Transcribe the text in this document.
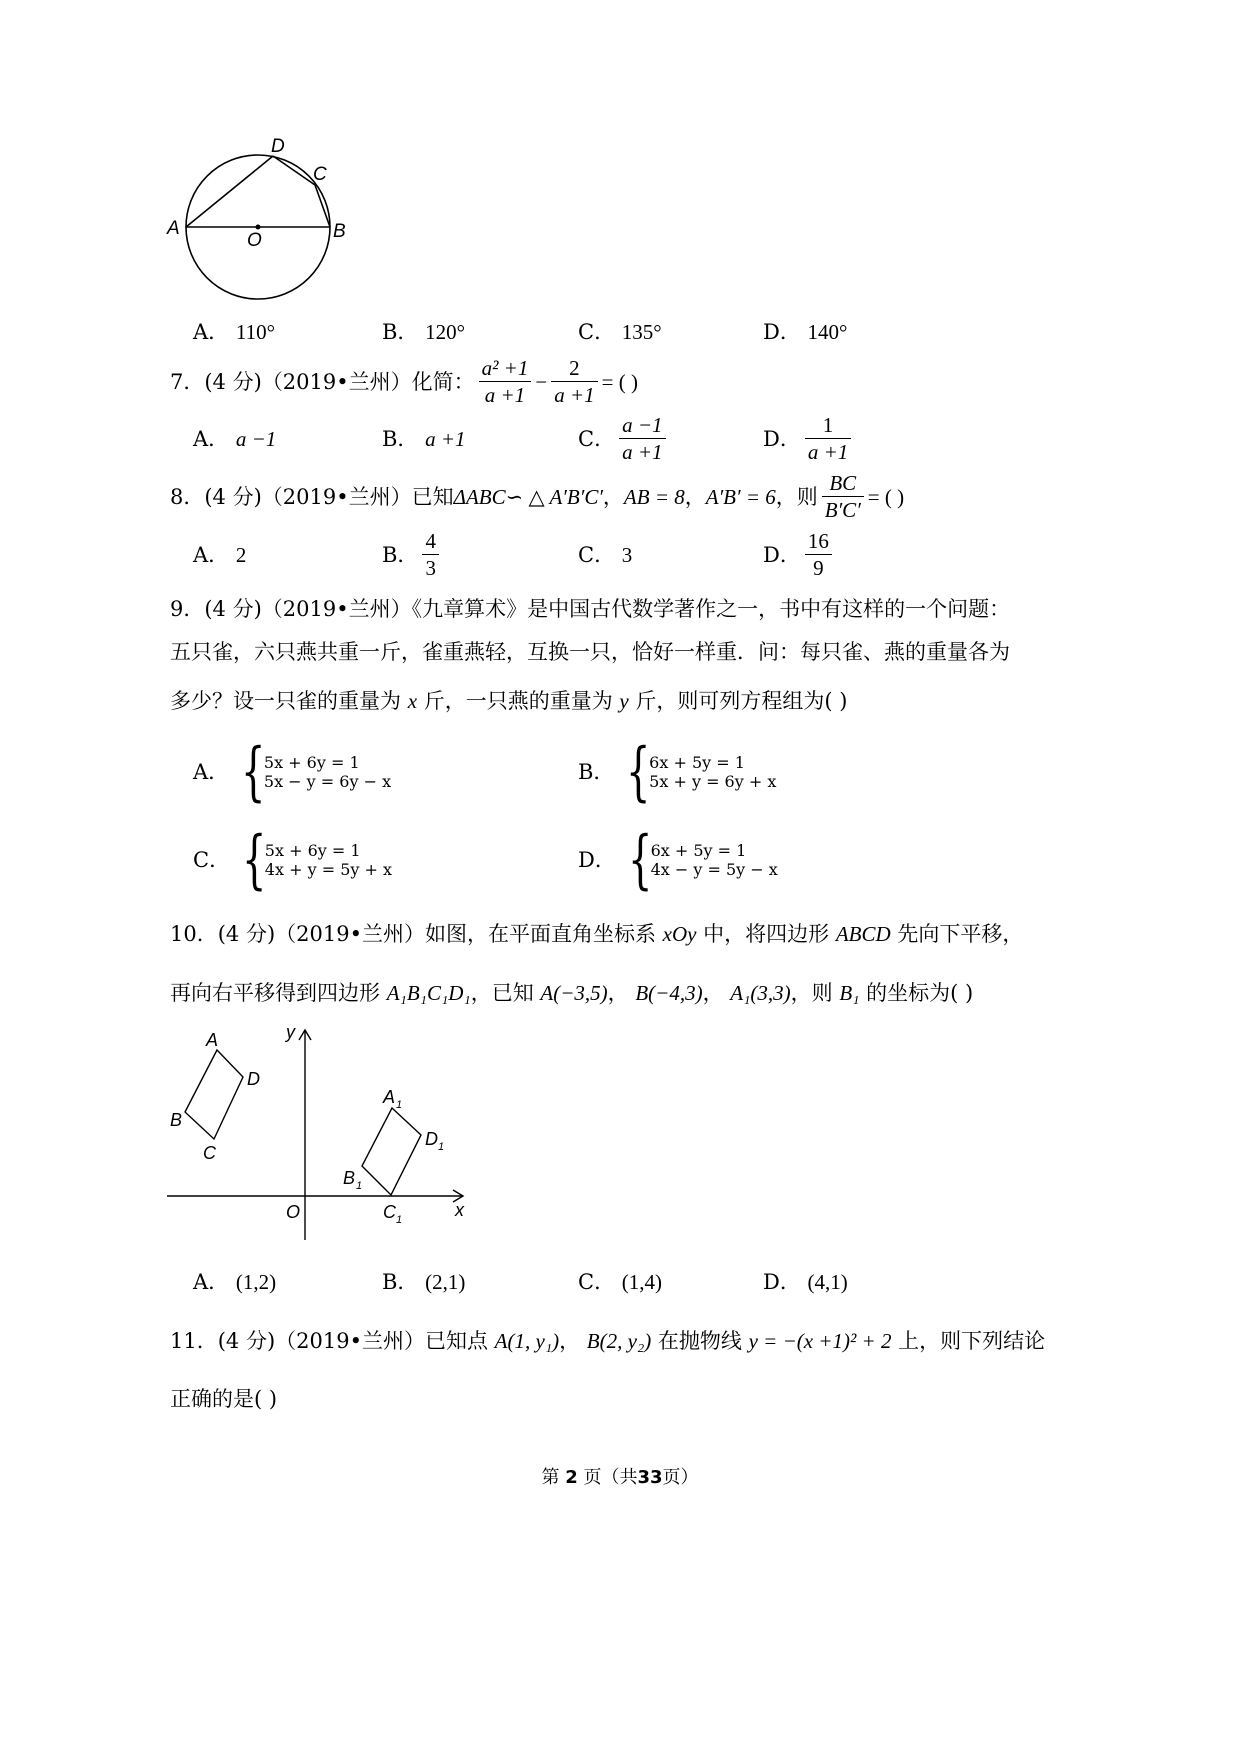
A
O	B
D
C
A． 110°	B． 120°	C． 135°	D． 140°
7．(4 分)（2019•兰州）化简： $\frac{\text{a² +1}}{a +1} - \frac{2}{a +1}$ = ( )
A． a −1	B． a +1	C． $\frac{a -1}{a +1}$	D． $\frac{1}{a +1}$
8．(4 分)（2019•兰州）已知 ΔABC∽ △ A′B′C′ ， AB = 8 ， A′B′ = 6 ，则 $\frac{BC}{B'C'}$ = ( )
A． 2	B． $\frac{4}{3}$	C． 3	D． $\frac{16}{9}$
9．(4 分)（2019•兰州）《九章算术》是中国古代数学著作之一，书中有这样的一个问题：
五只雀，六只燕共重一斤，雀重燕轻，互换一只，恰好一样重．问：每只雀、燕的重量各为
多少？设一只雀的重量为 x 斤，一只燕的重量为 y 斤，则可列方程组为( )
A． {
5x + 6y = 1
5x − y = 6y − x	B． {
6x + 5y = 1
5x + y = 6y + x
C． {
5x + 6y = 1
4x + y = 5y + x	D． {
6x + 5y = 1
4x − y = 5y − x
10．(4 分)（2019•兰州）如图，在平面直角坐标系 xOy 中，将四边形 ABCD 先向下平移，
再向右平移得到四边形 A₁B₁C₁D₁，已知 A(−3,5)， B(−4,3)， A₁(3,3)，则 B₁ 的坐标为( )
y
x
O
A
D
B
C
A 1
D 1
B 1
C 1
A． (1,2)	B． (2,1)	C． (1,4)	D． (4,1)
11．(4 分)（2019•兰州）已知点 A(1, y₁)， B(2, y₂) 在抛物线 y = −(x +1)² + 2 上，则下列结论
正确的是( )
第 2 页（共33页）
